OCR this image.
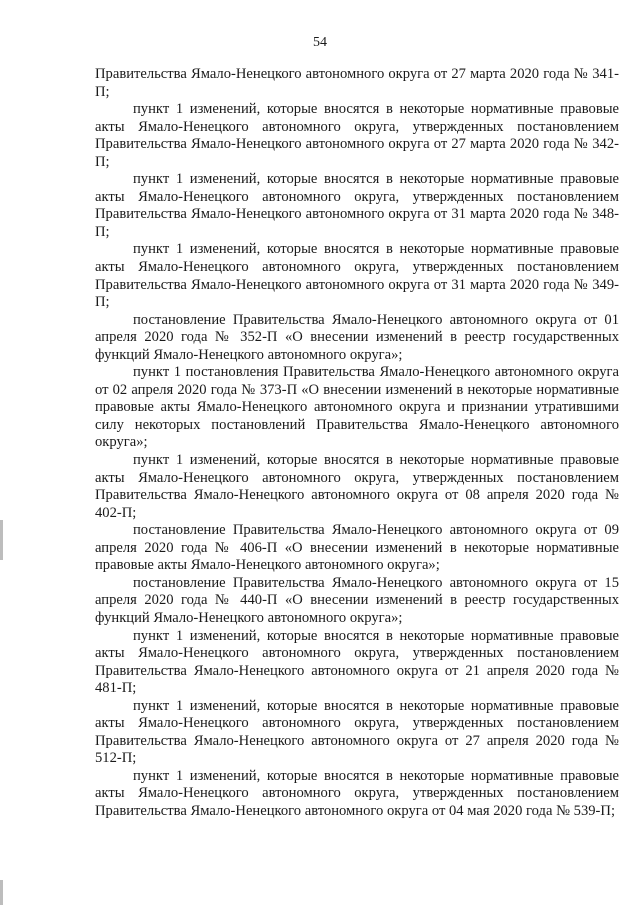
54

Правительства Ямало-Ненецкого автономного округа от 27 марта 2020 года № 341-П;

пункт 1 изменений, которые вносятся в некоторые нормативные правовые акты Ямало-Ненецкого автономного округа, утвержденных постановлением Правительства Ямало-Ненецкого автономного округа от 27 марта 2020 года № 342-П;

пункт 1 изменений, которые вносятся в некоторые нормативные правовые акты Ямало-Ненецкого автономного округа, утвержденных постановлением Правительства Ямало-Ненецкого автономного округа от 31 марта 2020 года № 348-П;

пункт 1 изменений, которые вносятся в некоторые нормативные правовые акты Ямало-Ненецкого автономного округа, утвержденных постановлением Правительства Ямало-Ненецкого автономного округа от 31 марта 2020 года № 349-П;

постановление Правительства Ямало-Ненецкого автономного округа от 01 апреля 2020 года № 352-П «О внесении изменений в реестр государственных функций Ямало-Ненецкого автономного округа»;

пункт 1 постановления Правительства Ямало-Ненецкого автономного округа от 02 апреля 2020 года № 373-П «О внесении изменений в некоторые нормативные правовые акты Ямало-Ненецкого автономного округа и признании утратившими силу некоторых постановлений Правительства Ямало-Ненецкого автономного округа»;

пункт 1 изменений, которые вносятся в некоторые нормативные правовые акты Ямало-Ненецкого автономного округа, утвержденных постановлением Правительства Ямало-Ненецкого автономного округа от 08 апреля 2020 года № 402-П;

постановление Правительства Ямало-Ненецкого автономного округа от 09 апреля 2020 года № 406-П «О внесении изменений в некоторые нормативные правовые акты Ямало-Ненецкого автономного округа»;

постановление Правительства Ямало-Ненецкого автономного округа от 15 апреля 2020 года № 440-П «О внесении изменений в реестр государственных функций Ямало-Ненецкого автономного округа»;

пункт 1 изменений, которые вносятся в некоторые нормативные правовые акты Ямало-Ненецкого автономного округа, утвержденных постановлением Правительства Ямало-Ненецкого автономного округа от 21 апреля 2020 года № 481-П;

пункт 1 изменений, которые вносятся в некоторые нормативные правовые акты Ямало-Ненецкого автономного округа, утвержденных постановлением Правительства Ямало-Ненецкого автономного округа от 27 апреля 2020 года № 512-П;

пункт 1 изменений, которые вносятся в некоторые нормативные правовые акты Ямало-Ненецкого автономного округа, утвержденных постановлением Правительства Ямало-Ненецкого автономного округа от 04 мая 2020 года № 539-П;
